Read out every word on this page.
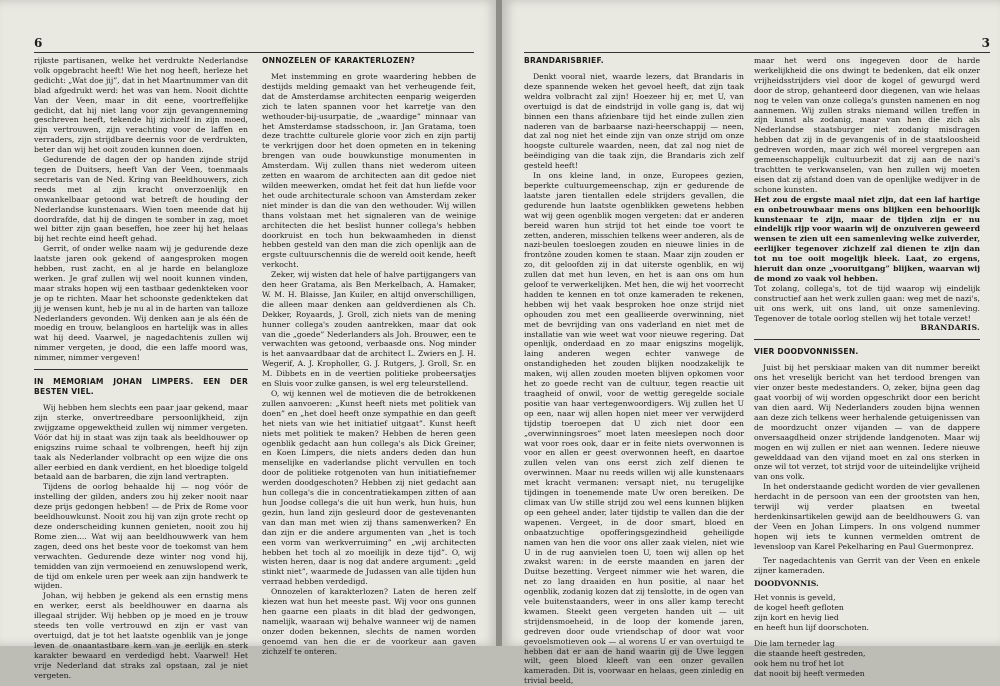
6

rijkste partisanen, welke het verdrukte Nederlandse volk opgebracht heeft! Wie het nog heeft, herleze het gedicht: „Wat doe jij”, dat in het Maartnummer van dit blad afgedrukt werd: het was van hem. Nooit dichtte Van der Veen, maar in dit eene, voortreffelijke gedicht, dat hij niet lang voor zijn gevangenneming geschreven heeft, tekende hij zichzelf in zijn moed, zijn vertrouwen, zijn verachting voor de laffen en verraders, zijn strijdbare deernis voor de verdrukten, beter dan wij het ooit zouden kunnen doen.

Gedurende de dagen der op handen zijnde strijd tegen de Duitsers, heeft Van der Veen, toenmaals secretaris van de Ned. Kring van Beeldhouwers, zich reeds met al zijn kracht onverzoenlijk en onwankelbaar getoond wat betreft de houding der Nederlandse kunstenaars. Wien toen meende dat hij doordrafde, dat hij de dingen te somber in zag, moet wel bitter zijn gaan beseffen, hoe zeer hij het helaas bij het rechte eind heeft gehad.

Gerrit, of onder welke naam wij je gedurende deze laatste jaren ook gekend of aangesproken mogen hebben, rust zacht, en al je harde en belangloze werken. Je graf zullen wij wel nooit kunnen vinden, maar straks hopen wij een tastbaar gedenkteken voor je op te richten. Maar het schoonste gedenkteken dat jij je wensen kunt, heb je nu al in de harten van talloze Nederlanders gevonden. Wij denken aan je als één de moedig en trouw, belangloos en hartelijk was in alles wat hij deed. Vaarwel, je nagedachtenis zullen wij nimmer vergeten, je dood, die een laffe moord was, nimmer, nimmer vergeven!

IN MEMORIAM JOHAN LIMPERS. EEN DER BESTEN VIEL.

Wij hebben hem slechts een paar jaar gekend, maar zijn sterke, onvertreedbare persoonlijkheid, zijn zwijgzame opgewektheid zullen wij nimmer vergeten. Vóór dat hij in staat was zijn taak als beeldhouwer op enigszins ruime schaal te volbrengen, heeft hij zijn taak als Nederlander volbracht op een wijze die ons aller eerbied en dank verdient, en het bloedige tolgeld betaald aan de barbaren, die zijn land vertrapten.

Tijdens de oorlog behaalde hij — nog vóór de instelling der gilden, anders zou hij zeker nooit naar deze prijs gedongen hebben! — de Prix de Rome voor beeldhouwkunst. Nooit zou hij van zijn grote recht op deze onderscheiding kunnen genieten, nooit zou hij Rome zien.... Wat wij aan beeldhouwwerk van hem zagen, deed ons het beste voor de toekomst van hem verwachten. Gedurende deze winter nog vond hij, temidden van zijn vermoeiend en zenuwslopend werk, de tijd om enkele uren per week aan zijn handwerk te wijden.

Johan, wij hebben je gekend als een ernstig mens en werker, eerst als beeldhouwer en daarna als illegaal strijder. Wij hebben op je moed en je trouw steeds ten volle vertrouwd en zijn er vast van overtuigd, dat je tot het laatste ogenblik van je jonge leven de onaantastbare kern van je eerlijk en sterk karakter bewaard en verdedigd hebt. Vaarwel! Het vrije Nederland dat straks zal opstaan, zal je niet vergeten.

ONNOZELEN OF KARAKTERLOZEN?

Met instemming en grote waardering hebben de destijds melding gemaakt van het verheugende feit, dat de Amsterdamse architecten eenparig weigerden zich te laten spannen voor het karretje van den wethouder-bij-usurpatie, de „waardige” minnaar van het Amsterdamse stadsschoon, ir. Jan Gratama, toen deze trachtte culturele glorie voor zich en zijn partij te verkrijgen door het doen opmeten en in tekening brengen van oude bouwkunstige monumenten in Amsterdam. Wij zullen thans niet wederom uiteen zetten en waarom de architecten aan dit gedoe niet wilden meewerken, omdat het feit dat hun liefde voor het oude architecturale schoon van Amsterdam zeker niet minder is dan die van den wethouder. Wij willen thans volstaan met het signaleren van de weinige architecten die het beslist hunner collega's hebben doorkruist en toch hun bekwaamheden in dienst hebben gesteld van den man die zich openlijk aan de ergste cultuurschennis die de wereld ooit kende, heeft verkocht.

Zeker, wij wisten dat hele of halve partijgangers van den heer Gratama, als Ben Merkelbach, A. Hamaker, W. M. H. Blaisse, Jan Kuiler, en altijd onverschilligen, die alleen maar denken aan geldverdienen als Ch. Dekker, Royaards, J. Groll, zich niets van de mening hunner collega's zouden aantrekken, maar dat ook van die „goede” Nederlanders als Joh. Brouwer, een te verwachten was getoond, verbaasde ons. Nog minder is het aanvaardbaar dat de architect L. Zwiers en J. H. Wegerif, A. J. Kropholler, G. J. Rutgers, J. Groll, Sr. en M. Dibbets en in de veertien politieke probeersatjes en Sluis voor zulke gansen, is wel erg teleurstellend.

O, wij kennen wel de motieven die de betrokkenen zullen aanvoeren: „Kunst heeft niets met politiek van doen” en „het doel heeft onze sympathie en dan geeft het niets van wie het initiatief uitgaat”. Kunst heeft niets met politiek te maken? Hebben de heren geen ogenblik gedacht aan hun collega's als Dick Greiner, en Koen Limpers, die niets anders deden dan hun menselijke en vaderlandse plicht vervullen en toch door de politieke rotgenoten van hun initiatiefnemer werden doodgeschoten? Hebben zij niet gedacht aan hun collega's die in concentratiekampen zitten of aan hun Joodse collega's die uit hun werk, hun huis, hun gezin, hun land zijn gesleurd door de gestevenanten van dan man met wien zij thans samenwerken? En dan zijn er die andere argumenten van „het is toch een vorm van werkverruiming” en „wij architecten hebben het toch al zo moeilijk in deze tijd”. O, wij wisten heren, daar is nog dat andere argument: „geld stinkt niet”, waarmede de Judassen van alle tijden hun verraad hebben verdedigd.

Onnozelen of karakterlozen? Laten de heren zelf kiezen wat hun het meeste past. Wij voor ons gunnen hen gaarne een plaats in dit blad der gedwongen, namelijk, waaraan wij behalve wanneer wij de namen onzer doden bekennen, slechts de namen worden genoemd van hen die er de voorkeur aan gaven zichzelf te onteren.

3
BRANDARISBRIEF.

Denkt vooral niet, waarde lezers, dat Brandaris in deze spannende weken het gevoel heeft, dat zijn taak weldra volbracht zal zijn! Hoezeer hij er, met U, van overtuigd is dat de eindstrijd in volle gang is, dat wij binnen een thans afzienbare tijd het einde zullen zien naderen van de barbaarse nazi-heerschappij — neen, dat zal nog niet het einde zijn van onze strijd om onze hoogste culturele waarden, neen, dat zal nog niet de beëindiging van die taak zijn, die Brandaris zich zelf gesteld heeft!

In ons kleine land, in onze, Europees gezien, beperkte cultuurgemeenschap, zijn er gedurende de laatste jaren tientallen edele strijders gevallen, die gedurende hun laatste ogenblikken gewetens hebben wat wij geen ogenblik mogen vergeten: dat er anderen bereid waren hun strijd tot het einde toe voort te zetten, anderen, misschien telkens weer anderen, als de nazi-beulen toesloegen zouden en nieuwe linies in de frontzône zouden komen te staan. Maar zijn zouden er zo, dit geloofden zij in dat uiterste ogenblik, en wij zullen dat met hun leven, en het is aan ons om hun geloof te verwerkelijken. Met hen, die wij het voorrecht hadden te kennen en tot onze kameraden te rekenen, hebben wij het vaak besproken hoe onze strijd niet ophouden zou met een geallieerde overwinning, niet met de bevrijding van ons vaderland en niet met de installatie van wie weet wat voor nieuwe regering. Dat openlijk, onderdaad en zo maar enigszins mogelijk, laing anderen wegen echter vanwege de onstandigheden het zouden blijken noodzakelijk te maken, wij allen zouden moeten blijven opkomen voor het zo goede recht van de cultuur, tegen reactie uit traagheid of onwil, voor de wettig geregelde sociale positie van haar vertegenwoordigers. Wij zullen het U op een, naar wij allen hopen niet meer ver verwijderd tijdstip toeroepen dat U zich niet door een „overwinningsroes” moet laten meeslepen noch door wat voor roes ook, daar er in feite niets overwonnen is voor en allen er geest overwonnen heeft, en daartoe zullen velen van ons eerst zich zelf dienen te overwinnen. Maar nu reeds willen wij alle kunstenaars met kracht vermanen: versapt niet, nu terugelijke tijdingen in toenemende mate Uw oren bereiken. De climax van Uw stille strijd zou wel eens kunnen blijken op een geheel ander, later tijdstip te vallen dan die der wapenen. Vergeet, in de door smart, bloed en onbaatzuchtige opofferingsgezindheid geheiligde namen van hen die voor ons aller zaak vielen, niet wie U in de rug aanvielen toen U, toen wij allen op het zwakst waren: in de eerste maanden en jaren der Duitse bezetting. Vergeet nimmer wie het waren, die net zo lang draaiden en hun positie, al naar het ogenblik, zodanig kozen dat zij tenslotte, in de ogen van vele buitenstaanders, weer in ons aller kamp terecht kwamen. Steekt geen vergeten handen uit — uit strijdensmoeheid, in de loop der komende jaren, gedreven door oude vriendschap of door wat voor gevoelsmotieven ook — al worens U er van overtuigd te hebben dat er aan de hand waarin gij de Uwe leggen wilt, geen bloed kleeft van een onzer gevallen kameraden. Dit is, voorwaar en helaas, geen zinledig en trivial beeld,

maar het werd ons ingegeven door de harde werkelijkheid die ons dwingt te bedenken, dat elk onzer vrijheidsstrijders viel door de kogel of gewurgd werd door de strop, gehanteerd door diegenen, van wie helaas nog te velen van onze collega's gunsten namenen en nog aannemen. Wij zullen straks niemand willen treffen in zijn kunst als zodanig, maar van hen die zich als Nederlandse staatsburger niet zodanig misdragen hebben dat zij in de gevangenis of in de staatsloosheid gedreven worden, maar zich wél moreel vergrepen aan gemeenschappelijk cultuurbezit dat zij aan de nazi's trachtten te verkwanselen, van hen zullen wij moeten eisen dat zij afstand doen van de openlijke wedijver in de schone kunsten.

Het zou de ergste maal niet zijn, dat een laf hartige en onbetrouwbaar mens ons blijken een behoorlijk kunstenaar te zijn, maar de tijden zijn er nu eindelijk rijp voor waarin wij de onzuiveren geweerd wensen te zien uit een samenleving welke zuiverder, eerlijker tegenover zichzelf zal dienen te zijn dan tot nu toe ooit mogelijk bleek. Laat, zo ergens, hieruit dan onze „vooruitgang” blijken, waarvan wij de mond zo vaak vol hebben.

Tot zolang, collega's, tot de tijd waarop wij eindelijk constructief aan het werk zullen gaan: weg met de nazi's, uit ons werk, uit ons land, uit onze samenleving. Tegenover de totale oorlog stellen wij het totale verzet!

BRANDARIS.
VIER DOODVONNISSEN.

Juist bij het perskiaar maken van dit nummer bereikt ons het vreselijk bericht van het terdood brengen van vier onzer beste medestanders. O, zeker, bijna geen dag gaat voorbij of wij worden opgeschrikt door een bericht van dien aard. Wij Nederlanders zouden bijna wennen aan deze zich telkens weer herhalende getuigenissen van de moordzucht onzer vijanden — van de dappere onversaagdheid onzer strijdende landgenoten. Maar wij mogen en wij zullen er niet aan wennen. Iedere nieuwe gewelddaad van den vijand moet en zal ons sterken in onze wil tot verzet, tot strijd voor de uiteindelijke vrijheid van ons volk.

In het onderstaande gedicht worden de vier gevallenen herdacht in de persoon van een der grootsten van hen, terwijl wij verder plaatsen en tweetal herdenkinsartikelen gewijd aan de beeldhouwers G. van der Veen en Johan Limpers. In ons volgend nummer hopen wij iets te kunnen vermelden omtrent de levensloop van Karel Pekelharing en Paul Guermonprez.

Ter nagedachtenis van Gerrit van der Veen en enkele zijner kameraden.

DOODVONNIS.

Het vonnis is geveld,

de kogel heeft gefloten

zijn kort en hevig lied

en heeft hun lijf doorschoten.

Die lam terneder lag

die staande heeft gestreden,

ook hem nu trof het lot

dat nooit bij heeft vermeden
